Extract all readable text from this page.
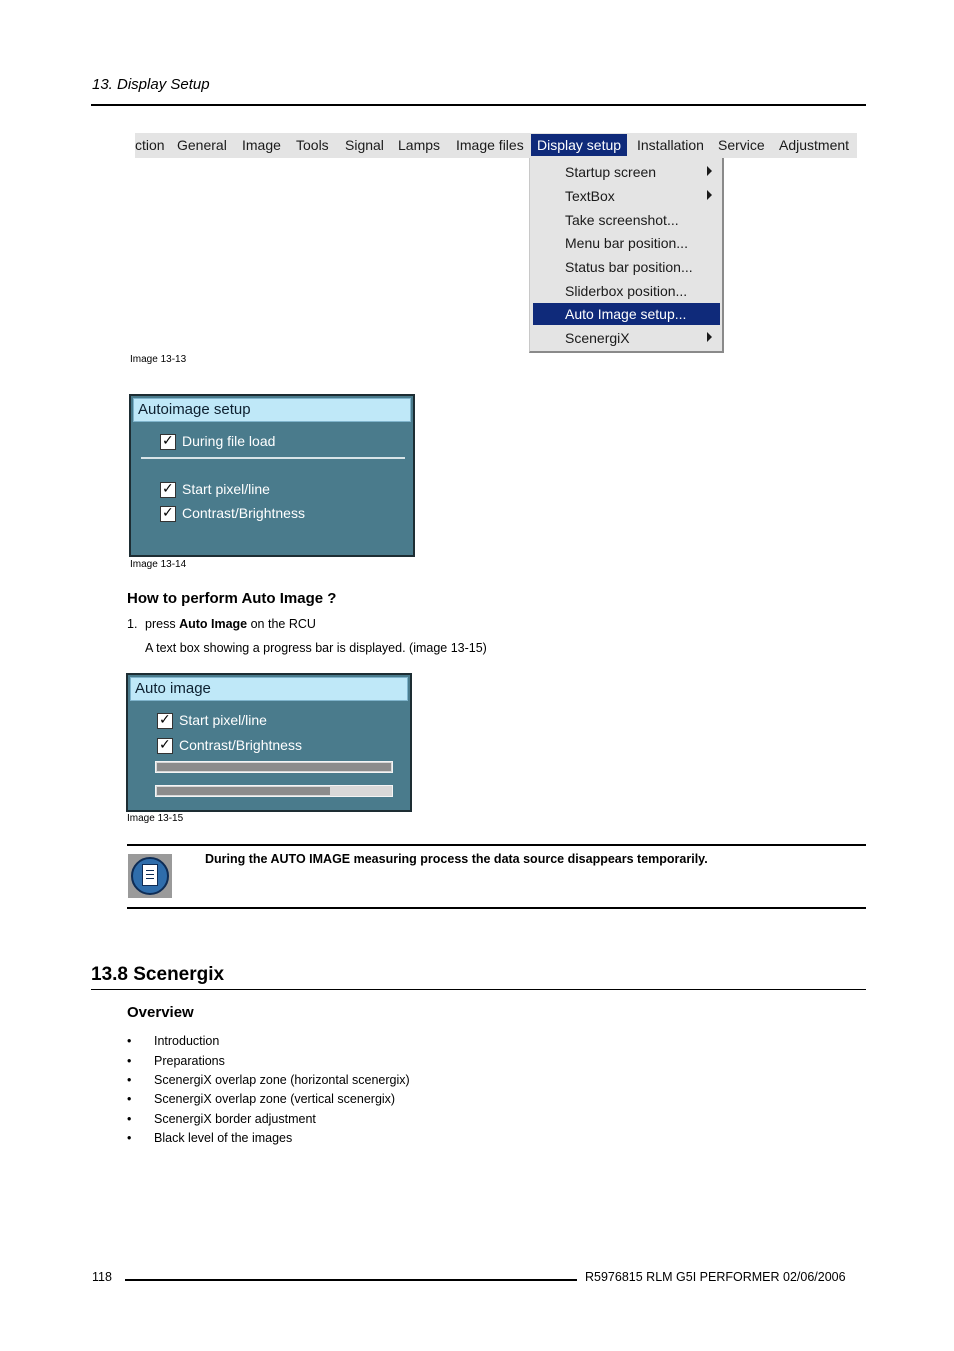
13. Display Setup
ction General Image Tools Signal Lamps Image files Display setup	Installation Service Adjustment
Startup screen
TextBox
Take screenshot...
Menu bar position...
Status bar position...
Sliderbox position...
Auto Image setup...
ScenergiX
Image 13-13
Autoimage setup
✓
During file load
✓
Start pixel/line
✓
Contrast/Brightness
Image 13-14
How to perform Auto Image ?
1. press Auto Image on the RCU
A text box showing a progress bar is displayed. (image 13-15)
Auto image
✓
Start pixel/line
✓
Contrast/Brightness
Image 13-15
During the AUTO IMAGE measuring process the data source disappears temporarily.
13.8 Scenergix
Overview
• Introduction
• Preparations
• ScenergiX overlap zone (horizontal scenergix)
• ScenergiX overlap zone (vertical scenergix)
• ScenergiX border adjustment
• Black level of the images
118	R5976815 RLM G5I PERFORMER 02/06/2006
